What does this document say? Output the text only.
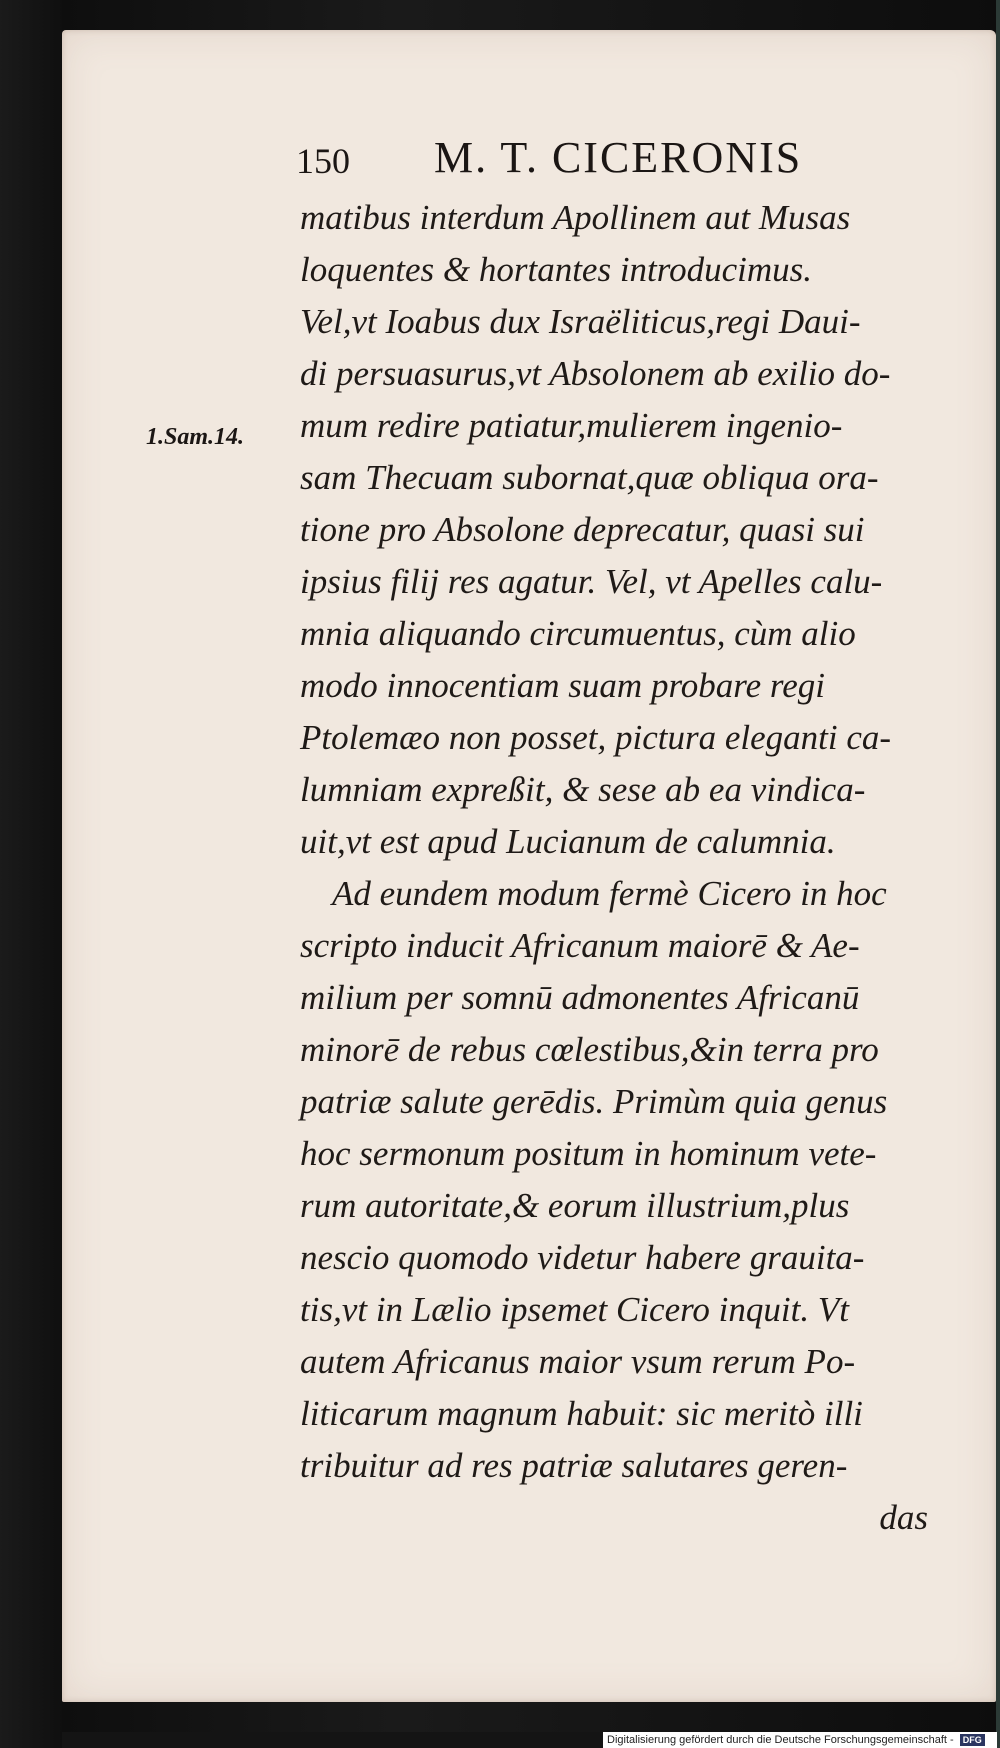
150 M. T. CICERONIS
1.Sam.14.
matibus interdum Apollinem aut Musas
loquentes & hortantes introducimus.
Vel,vt Ioabus dux Israëliticus,regi Daui-
di persuasurus,vt Absolonem ab exilio do-
mum redire patiatur,mulierem ingenio-
sam Thecuam subornat,quæ obliqua ora-
tione pro Absolone deprecatur, quasi sui
ipsius filij res agatur. Vel, vt Apelles calu-
mnia aliquando circumuentus, cùm alio
modo innocentiam suam probare regi
Ptolemæo non posset, pictura eleganti ca-
lumniam expreßit, & sese ab ea vindica-
uit,vt est apud Lucianum de calumnia.
Ad eundem modum fermè Cicero in hoc
scripto inducit Africanum maiorē & Ae-
milium per somnū admonentes Africanū
minorē de rebus cœlestibus,&in terra pro
patriæ salute gerēdis. Primùm quia genus
hoc sermonum positum in hominum vete-
rum autoritate,& eorum illustrium,plus
nescio quomodo videtur habere grauita-
tis,vt in Lælio ipsemet Cicero inquit. Vt
autem Africanus maior vsum rerum Po-
liticarum magnum habuit: sic meritò illi
tribuitur ad res patriæ salutares geren-
das
Digitalisierung gefördert durch die Deutsche Forschungsgemeinschaft - DFG
